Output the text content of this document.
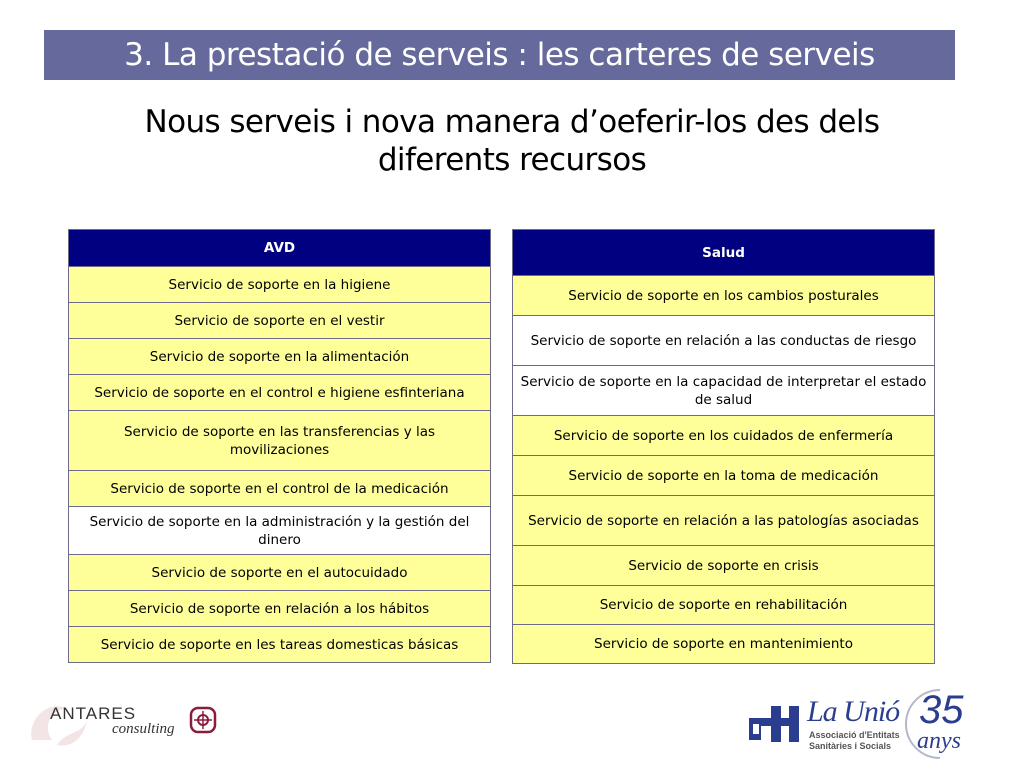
3. La prestació de serveis : les carteres de serveis
Nous serveis i nova manera d’oeferir-los des dels
diferents recursos
AVD
Servicio de soporte en la higiene
Servicio de soporte en el vestir
Servicio de soporte en la alimentación
Servicio de soporte en el control e higiene esfinteriana
Servicio de soporte en las transferencias y las movilizaciones
Servicio de soporte en el control de la medicación
Servicio de soporte en la administración y la gestión del dinero
Servicio de soporte en el autocuidado
Servicio de soporte en relación a los hábitos
Servicio de soporte en les tareas domesticas básicas
Salud
Servicio de soporte en los cambios posturales
Servicio de soporte en relación a las conductas de riesgo
Servicio de soporte en la capacidad de interpretar el estado de salud
Servicio de soporte en los cuidados de enfermería
Servicio de soporte en la toma de medicación
Servicio de soporte en relación a las patologías asociadas
Servicio de soporte en crisis
Servicio de soporte en rehabilitación
Servicio de soporte en mantenimiento
ANTARES
consulting
La Unió
Associació d'Entitats
Sanitàries i Socials
35
anys
